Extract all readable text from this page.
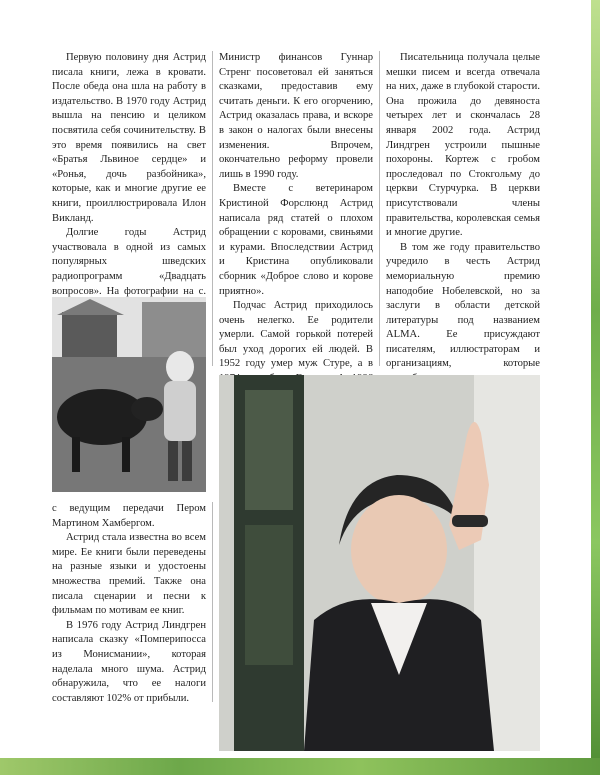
Первую половину дня Астрид писала книги, лежа в кровати. После обеда она шла на работу в издательство. В 1970 году Астрид вышла на пенсию и целиком посвятила себя сочинительству. В это время появились на свет «Братья Львиное сердце» и «Ронья, дочь разбойника», которые, как и многие другие ее книги, проиллюстрировала Илон Викланд.

Долгие годы Астрид участвовала в одной из самых популярных шведских радиопрограмм «Двадцать вопросов». На фотографии на с.

с ведущим передачи Пером Мартином Хамбергом.

Астрид стала известна во всем мире. Ее книги были переведены на разные языки и удостоены множества премий. Также она писала сценарии и песни к фильмам по мотивам ее книг.

В 1976 году Астрид Линдгрен написала сказку «Помперипосса из Монисмании», которая наделала много шума. Астрид обнаружила, что ее налоги составляют 102% от прибыли.

Министр финансов Гуннар Стренг посоветовал ей заняться сказками, предоставив ему считать деньги. К его огорчению, Астрид оказалась права, и вскоре в закон о налогах были внесены изменения. Впрочем, окончательно реформу провели лишь в 1990 году.

Вместе с ветеринаром Кристиной Форслюнд Астрид написала ряд статей о плохом обращении с коровами, свиньями и курами. Впоследствии Астрид и Кристина опубликовали сборник «Доброе слово и корове приятно».

Подчас Астрид приходилось очень нелегко. Ее родители умерли. Самой горькой потерей был уход дорогих ей людей. В 1952 году умер муж Стуре, а в

Писательница получала целые мешки писем и всегда отвечала на них, даже в глубокой старости. Она прожила до девяноста четырех лет и скончалась 28 января 2002 года. Астрид Линдгрен устроили пышные похороны. Кортеж с гробом проследовал по Стокгольму до церкви Стурчурка. В церкви присутствовали члены правительства, королевская семья и многие другие.

В том же году правительство учредило в честь Астрид мемориальную премию наподобие Нобелевской, но за заслуги в области детской литературы под названием ALMA. Ее присуждают писателям, иллюстраторам и организациям, которые
